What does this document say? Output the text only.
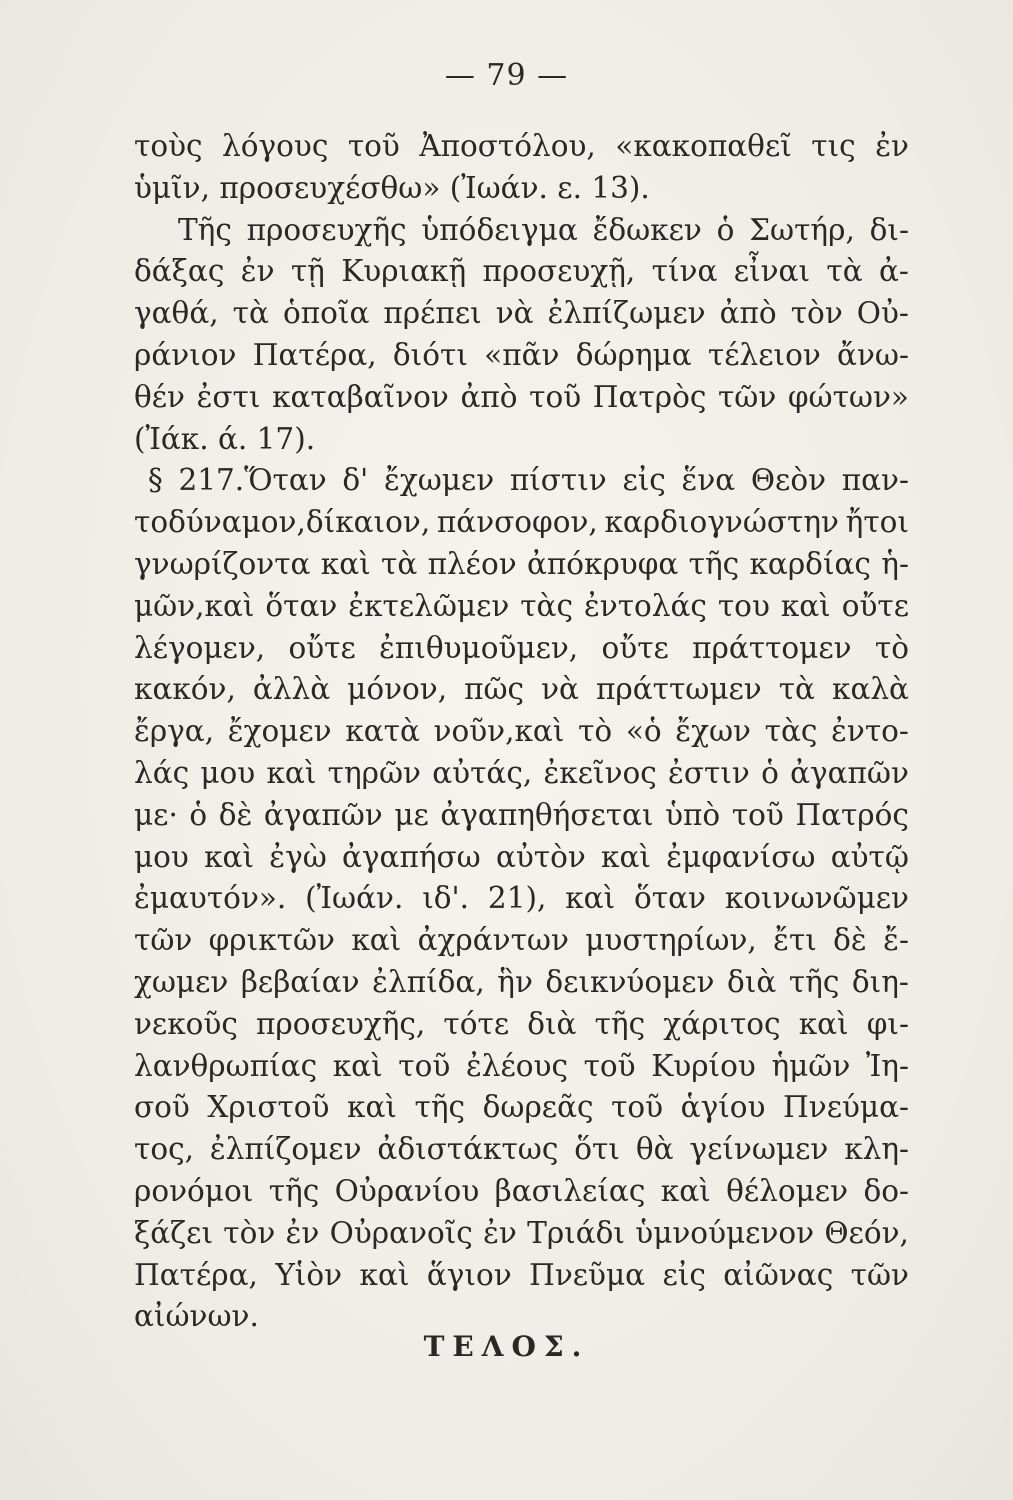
— 79 —
τοὺς λόγους τοῦ Ἀποστόλου, «κακοπαθεῖ τις ἐν
ὑμῖν, προσευχέσθω» (Ἰωάν. ε. 13).
Τῆς προσευχῆς ὑπόδειγμα ἔδωκεν ὁ Σωτήρ, δι-
δάξας ἐν τῇ Κυριακῇ προσευχῇ, τίνα εἶναι τὰ ἀ-
γαθά, τὰ ὁποῖα πρέπει νὰ ἐλπίζωμεν ἀπὸ τὸν Οὐ-
ράνιον Πατέρα, διότι «πᾶν δώρημα τέλειον ἄνω-
θέν ἐστι καταβαῖνον ἀπὸ τοῦ Πατρὸς τῶν φώτων»
(Ἰάκ. ά. 17).
§ 217.Ὅταν δ' ἔχωμεν πίστιν εἰς ἕνα Θεὸν παν-
τοδύναμον,δίκαιον, πάνσοφον, καρδιογνώστην ἤτοι
γνωρίζοντα καὶ τὰ πλέον ἀπόκρυφα τῆς καρδίας ἡ-
μῶν,καὶ ὅταν ἐκτελῶμεν τὰς ἐντολάς του καὶ οὔτε
λέγομεν, οὔτε ἐπιθυμοῦμεν, οὔτε πράττομεν τὸ
κακόν, ἀλλὰ μόνον, πῶς νὰ πράττωμεν τὰ καλὰ
ἔργα, ἔχομεν κατὰ νοῦν,καὶ τὸ «ὁ ἔχων τὰς ἐντο-
λάς μου καὶ τηρῶν αὐτάς, ἐκεῖνος ἐστιν ὁ ἀγαπῶν
με· ὁ δὲ ἀγαπῶν με ἀγαπηθήσεται ὑπὸ τοῦ Πατρός
μου καὶ ἐγὼ ἀγαπήσω αὐτὸν καὶ ἐμφανίσω αὐτῷ
ἐμαυτόν». (Ἰωάν. ιδ'. 21), καὶ ὅταν κοινωνῶμεν
τῶν φρικτῶν καὶ ἀχράντων μυστηρίων, ἔτι δὲ ἔ-
χωμεν βεβαίαν ἐλπίδα, ἣν δεικνύομεν διὰ τῆς διη-
νεκοῦς προσευχῆς, τότε διὰ τῆς χάριτος καὶ φι-
λανθρωπίας καὶ τοῦ ἐλέους τοῦ Κυρίου ἡμῶν Ἰη-
σοῦ Χριστοῦ καὶ τῆς δωρεᾶς τοῦ ἁγίου Πνεύμα-
τος, ἐλπίζομεν ἀδιστάκτως ὅτι θὰ γείνωμεν κλη-
ρονόμοι τῆς Οὐρανίου βασιλείας καὶ θέλομεν δο-
ξάζει τὸν ἐν Οὐρανοῖς ἐν Τριάδι ὑμνούμενον Θεόν,
Πατέρα, Υἱὸν καὶ ἅγιον Πνεῦμα εἰς αἰῶνας τῶν
αἰώνων.
ΤΕΛΟΣ.
